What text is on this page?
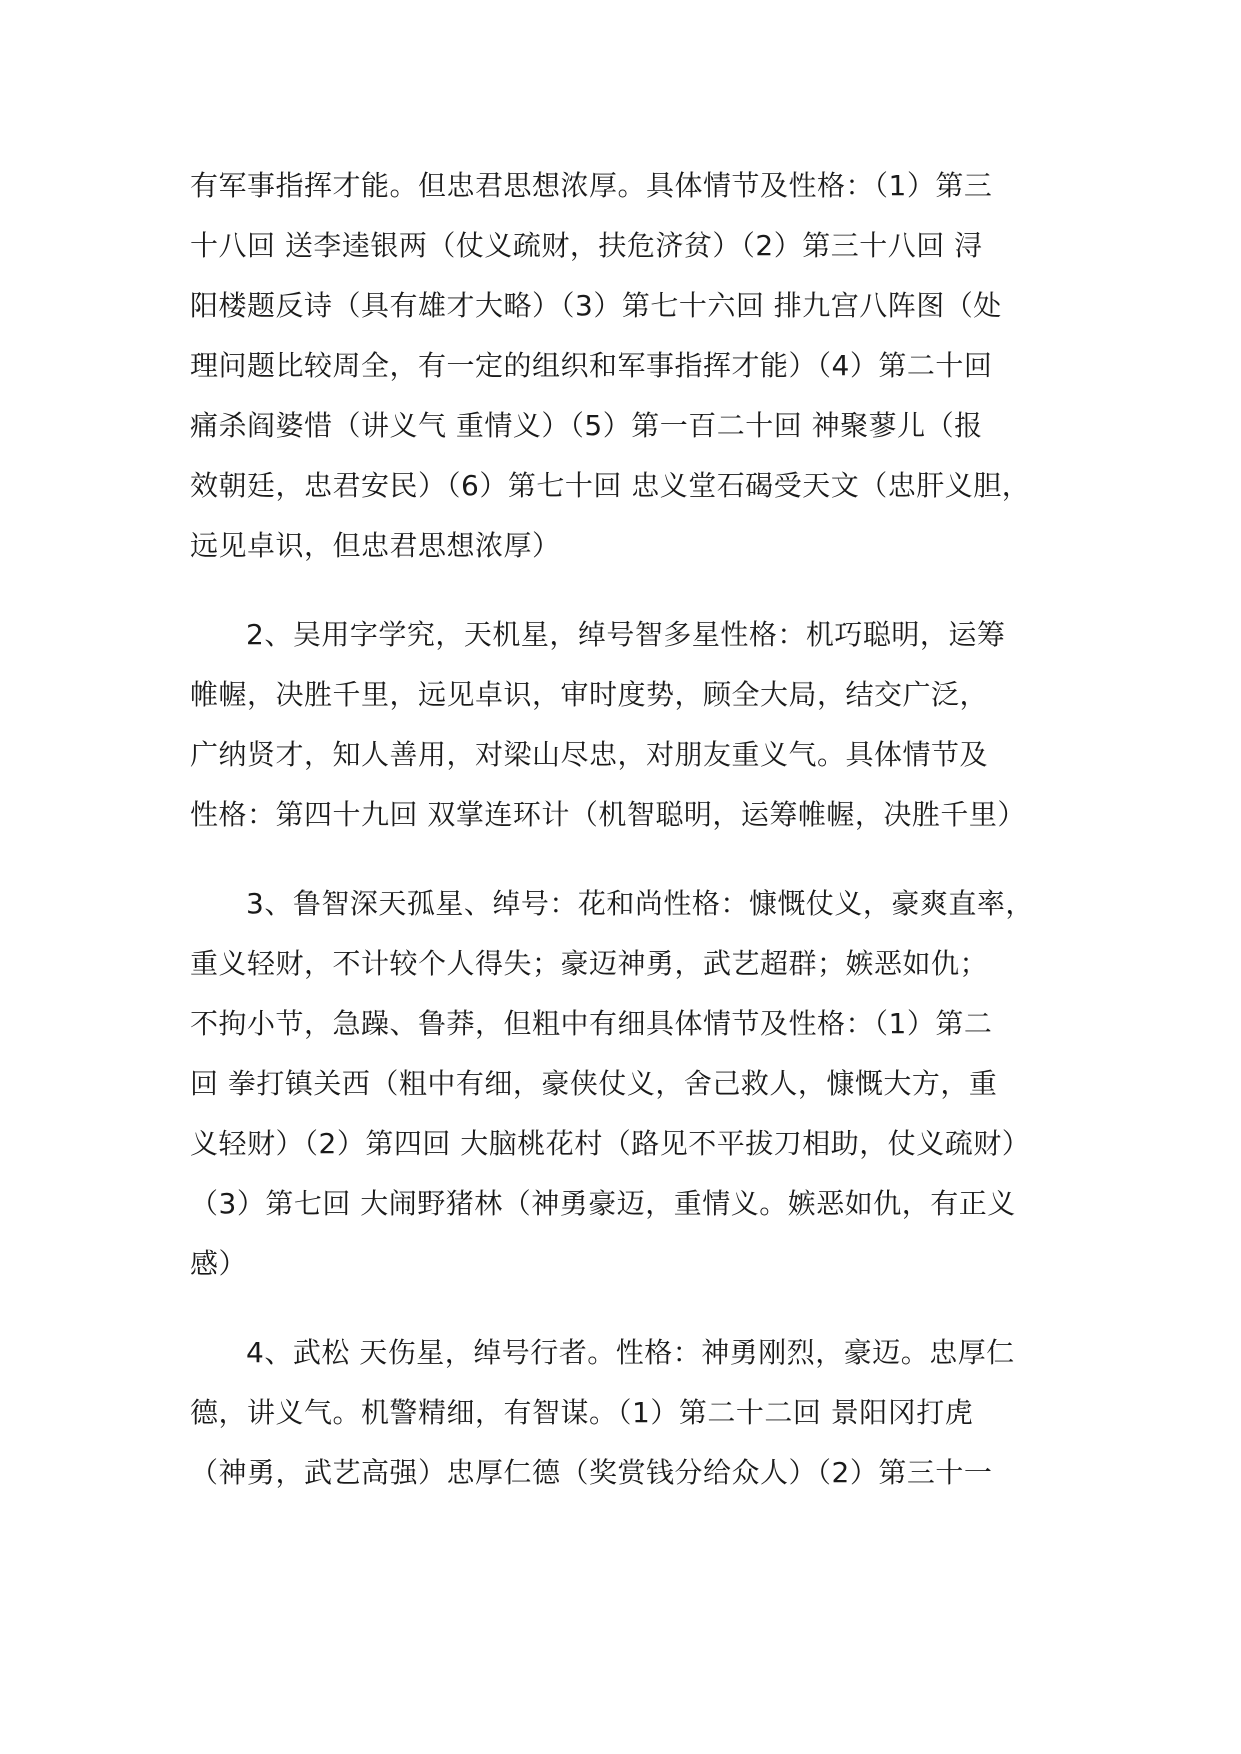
有军事指挥才能。但忠君思想浓厚。具体情节及性格：（1）第三
十八回 送李逵银两（仗义疏财，扶危济贫）（2）第三十八回 浔
阳楼题反诗（具有雄才大略）（3）第七十六回 排九宫八阵图（处
理问题比较周全，有一定的组织和军事指挥才能）（4）第二十回
痛杀阎婆惜（讲义气 重情义）（5）第一百二十回 神聚蓼儿（报
效朝廷，忠君安民）（6）第七十回 忠义堂石碣受天文（忠肝义胆，
远见卓识，但忠君思想浓厚）
2、吴用字学究，天机星，绰号智多星性格：机巧聪明，运筹
帷幄，决胜千里，远见卓识，审时度势，顾全大局，结交广泛，
广纳贤才，知人善用，对梁山尽忠，对朋友重义气。具体情节及
性格：第四十九回 双掌连环计（机智聪明，运筹帷幄，决胜千里）
3、鲁智深天孤星、绰号：花和尚性格：慷慨仗义，豪爽直率，
重义轻财，不计较个人得失；豪迈神勇，武艺超群；嫉恶如仇；
不拘小节，急躁、鲁莽，但粗中有细具体情节及性格：（1）第二
回 拳打镇关西（粗中有细，豪侠仗义，舍己救人，慷慨大方，重
义轻财）（2）第四回 大脑桃花村（路见不平拔刀相助，仗义疏财）
（3）第七回 大闹野猪林（神勇豪迈，重情义。嫉恶如仇，有正义
感）
4、武松 天伤星，绰号行者。性格：神勇刚烈，豪迈。忠厚仁
德，讲义气。机警精细，有智谋。（1）第二十二回 景阳冈打虎
（神勇，武艺高强）忠厚仁德（奖赏钱分给众人）（2）第三十一
